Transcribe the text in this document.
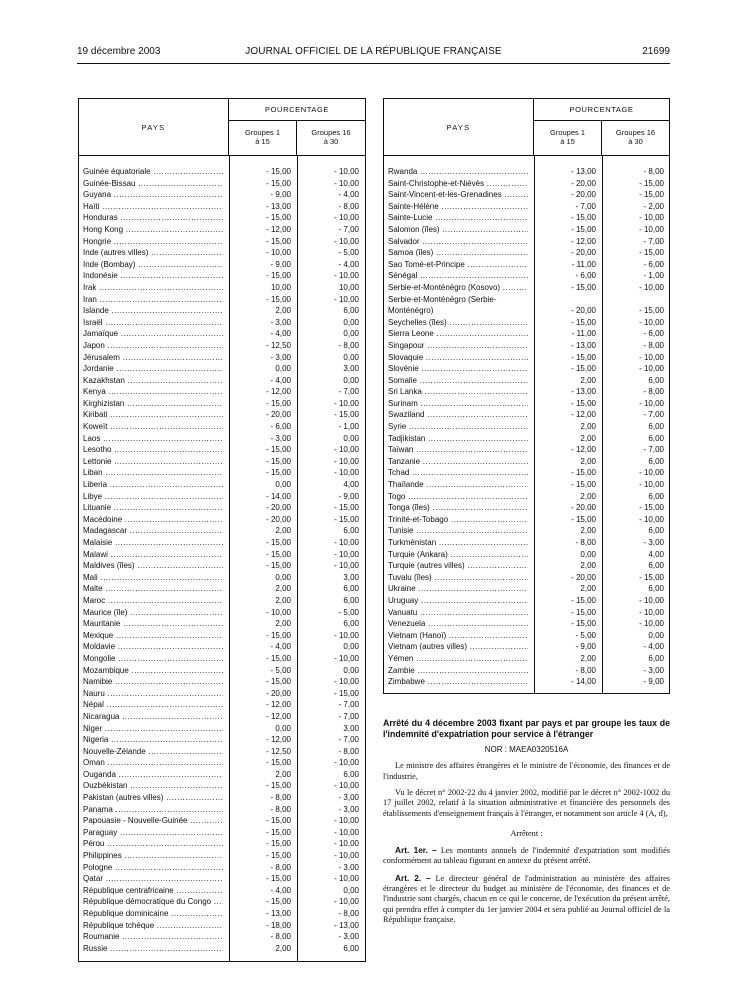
19 décembre 2003	JOURNAL OFFICIEL DE LA RÉPUBLIQUE FRANÇAISE	21699
PAYS
POURCENTAGE
Groupes 1
à 15
Groupes 16
à 30
Guinée équatoriale .....	- 15,00	- 10,00
Guinée-Bissau .....	- 15,00	- 10,00
Guyana .....	- 9,00	- 4,00
Haïti .....	- 13,00	- 8,00
Honduras .....	- 15,00	- 10,00
Hong Kong .....	- 12,00	- 7,00
Hongrie .....	- 15,00	- 10,00
Inde (autres villes) .....	- 10,00	- 5,00
Inde (Bombay) .....	- 9,00	- 4,00
Indonésie .....	- 15,00	- 10,00
Irak .....	10,00	10,00
Iran .....	- 15,00	- 10,00
Islande .....	2,00	6,00
Israël .....	- 3,00	0,00
Jamaïque .....	- 4,00	0,00
Japon .....	- 12,50	- 8,00
Jérusalem .....	- 3,00	0,00
Jordanie .....	0,00	3,00
Kazakhstan .....	- 4,00	0,00
Kenya .....	- 12,00	- 7,00
Kirghizistan .....	- 15,00	- 10,00
Kiribati .....	- 20,00	- 15,00
Koweït .....	- 6,00	- 1,00
Laos .....	- 3,00	0,00
Lesotho .....	- 15,00	- 10,00
Lettonie .....	- 15,00	- 10,00
Liban .....	- 15,00	- 10,00
Liberia .....	0,00	4,00
Libye .....	- 14,00	- 9,00
Lituanie .....	- 20,00	- 15,00
Macédoine .....	- 20,00	- 15,00
Madagascar .....	2,00	6,00
Malaisie .....	- 15,00	- 10,00
Malawi .....	- 15,00	- 10,00
Maldives (îles) .....	- 15,00	- 10,00
Mali .....	0,00	3,00
Malte .....	2,00	6,00
Maroc .....	2,00	6,00
Maurice (île) .....	- 10,00	- 5,00
Mauritanie .....	2,00	6,00
Mexique .....	- 15,00	- 10,00
Moldavie .....	- 4,00	0,00
Mongolie .....	- 15,00	- 10,00
Mozambique .....	- 5,00	0,00
Namibie .....	- 15,00	- 10,00
Nauru .....	- 20,00	- 15,00
Népal .....	- 12,00	- 7,00
Nicaragua .....	- 12,00	- 7,00
Niger .....	0,00	3,00
Nigeria .....	- 12,00	- 7,00
Nouvelle-Zélande .....	- 12,50	- 8,00
Oman .....	- 15,00	- 10,00
Ouganda .....	2,00	6,00
Ouzbékistan .....	- 15,00	- 10,00
Pakistan (autres villes) .....	- 8,00	- 3,00
Panama .....	- 8,00	- 3,00
Papouasie - Nouvelle-Guinée .....	- 15,00	- 10,00
Paraguay .....	- 15,00	- 10,00
Pérou .....	- 15,00	- 10,00
Philippines .....	- 15,00	- 10,00
Pologne .....	- 8,00	- 3,00
Qatar .....	- 15,00	- 10,00
République centrafricaine .....	- 4,00	0,00
République démocratique du Congo .....	- 15,00	- 10,00
République dominicaine .....	- 13,00	- 8,00
République tchèque .....	- 18,00	- 13,00
Roumanie .....	- 8,00	- 3,00
Russie .....	2,00	6,00
PAYS
POURCENTAGE
Groupes 1
à 15
Groupes 16
à 30
Rwanda .....	- 13,00	- 8,00
Saint-Christophe-et-Niévès .....	- 20,00	- 15,00
Saint-Vincent-et-les-Grenadines .....	- 20,00	- 15,00
Sainte-Hélène .....	- 7,00	- 2,00
Sainte-Lucie .....	- 15,00	- 10,00
Salomon (îles) .....	- 15,00	- 10,00
Salvador .....	- 12,00	- 7,00
Samoa (îles) .....	- 20,00	- 15,00
Sao Tomé-et-Principe .....	- 11,00	- 6,00
Sénégal .....	- 6,00	- 1,00
Serbie-et-Monténégro (Kosovo) .....	- 15,00	- 10,00
Serbie-et-Monténégro (Serbie-Monténégro)	- 20,00	- 15,00
Seychelles (îles) .....	- 15,00	- 10,00
Sierra Leone .....	- 11,00	- 6,00
Singapour .....	- 13,00	- 8,00
Slovaquie .....	- 15,00	- 10,00
Slovénie .....	- 15,00	- 10,00
Somalie .....	2,00	6,00
Sri Lanka .....	- 13,00	- 8,00
Surinam .....	- 15,00	- 10,00
Swaziland .....	- 12,00	- 7,00
Syrie .....	2,00	6,00
Tadjikistan .....	2,00	6,00
Taïwan .....	- 12,00	- 7,00
Tanzanie .....	2,00	6,00
Tchad .....	- 15,00	- 10,00
Thaïlande .....	- 15,00	- 10,00
Togo .....	2,00	6,00
Tonga (îles) .....	- 20,00	- 15,00
Trinité-et-Tobago .....	- 15,00	- 10,00
Tunisie .....	2,00	6,00
Turkménistan .....	- 8,00	- 3,00
Turquie (Ankara) .....	0,00	4,00
Turquie (autres villes) .....	2,00	6,00
Tuvalu (îles) .....	- 20,00	- 15,00
Ukraine .....	2,00	6,00
Uruguay .....	- 15,00	- 10,00
Vanuatu .....	- 15,00	- 10,00
Venezuela .....	- 15,00	- 10,00
Vietnam (Hanoï) .....	- 5,00	0,00
Vietnam (autres villes) .....	- 9,00	- 4,00
Yémen .....	2,00	6,00
Zambie .....	- 8,00	- 3,00
Zimbabwe .....	- 14,00	- 9,00
Arrêté du 4 décembre 2003 fixant par pays et par groupe les taux de l'indemnité d'expatriation pour service à l'étranger
NOR : MAEA0320516A

Le ministre des affaires étrangères et le ministre de l'économie, des finances et de l'industrie,

Vu le décret n° 2002-22 du 4 janvier 2002, modifié par le décret n° 2002-1002 du 17 juillet 2002, relatif à la situation administrative et financière des personnels des établissements d'enseignement français à l'étranger, et notamment son article 4 (A, d),

Arrêtent :

Art. 1er. – Les montants annuels de l'indemnité d'expatriation sont modifiés conformément au tableau figurant en annexe du présent arrêté.

Art. 2. – Le directeur général de l'administration au ministère des affaires étrangères et le directeur du budget au ministère de l'économie, des finances et de l'industrie sont chargés, chacun en ce qui le concerne, de l'exécution du présent arrêté, qui prendra effet à compter du 1er janvier 2004 et sera publié au Journal officiel de la République française.
